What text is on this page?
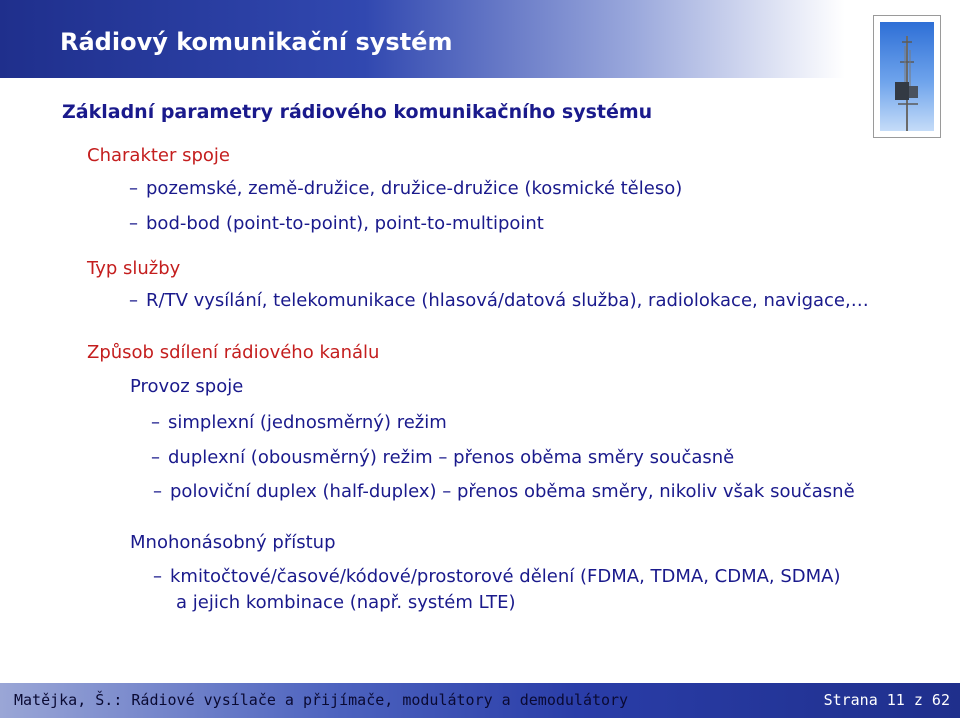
Rádiový komunikační systém
Základní parametry rádiového komunikačního systému
Charakter spoje
– pozemské, země-družice, družice-družice (kosmické těleso)
– bod-bod (point-to-point), point-to-multipoint
Typ služby
– R/TV vysílání, telekomunikace (hlasová/datová služba), radiolokace, navigace,…
Způsob sdílení rádiového kanálu
Provoz spoje
– simplexní (jednosměrný) režim
– duplexní (obousměrný) režim – přenos oběma směry současně
– poloviční duplex (half-duplex) – přenos oběma směry, nikoliv však současně
Mnohonásobný přístup
– kmitočtové/časové/kódové/prostorové dělení (FDMA, TDMA, CDMA, SDMA)
a jejich kombinace (např. systém LTE)
Matějka, Š.: Rádiové vysílače a přijímače, modulátory a demodulátory	Strana 11 z 62
